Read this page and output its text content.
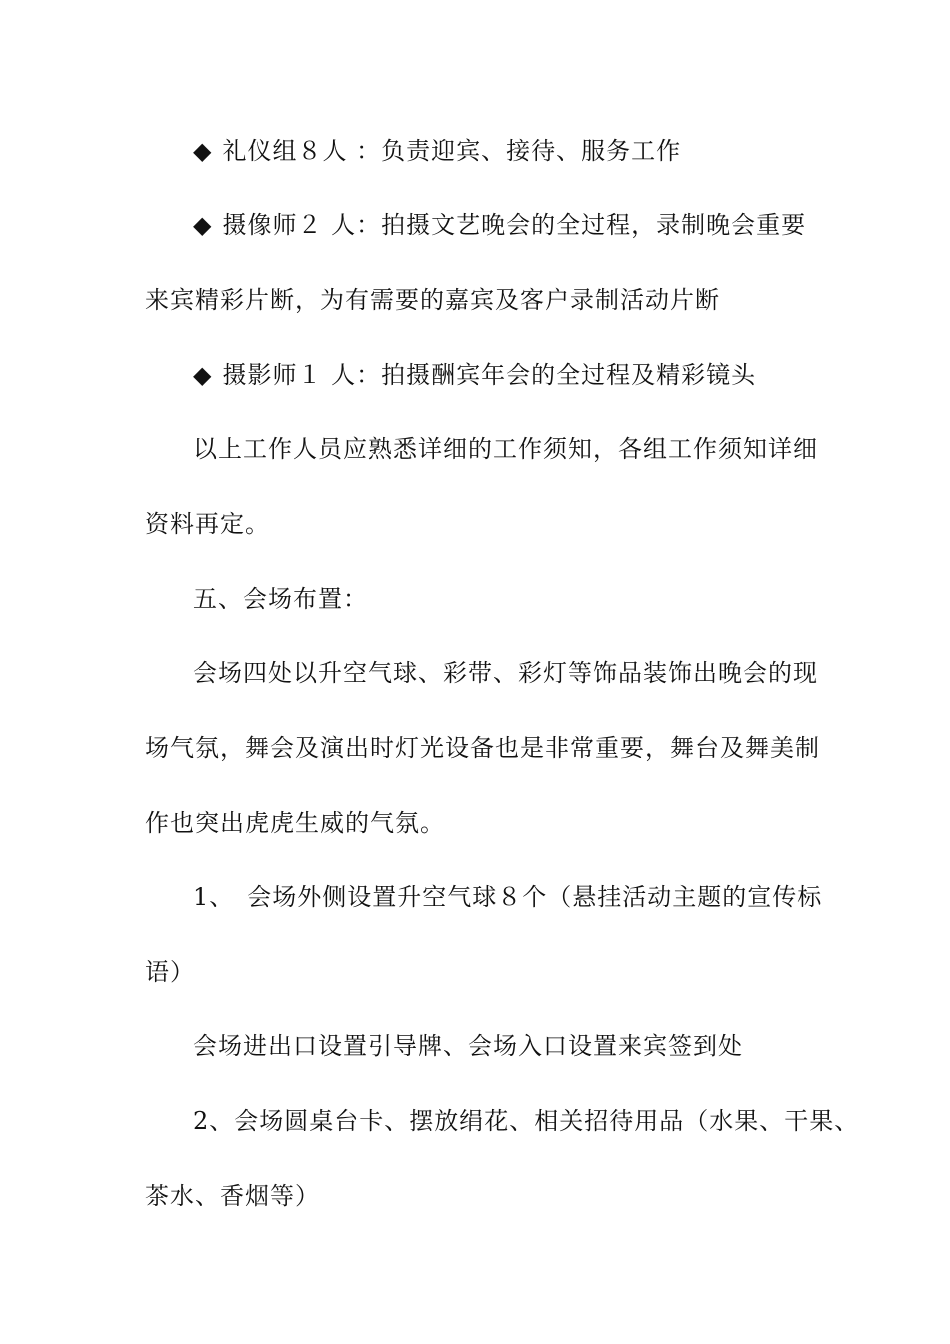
◆ 礼仪组８人 ：负责迎宾、接待、服务工作
◆ 摄像师２ 人：拍摄文艺晚会的全过程，录制晚会重要
来宾精彩片断，为有需要的嘉宾及客户录制活动片断
◆ 摄影师１ 人：拍摄酬宾年会的全过程及精彩镜头
以上工作人员应熟悉详细的工作须知，各组工作须知详细
资料再定。
五、会场布置：
会场四处以升空气球、彩带、彩灯等饰品装饰出晚会的现
场气氛，舞会及演出时灯光设备也是非常重要，舞台及舞美制
作也突出虎虎生威的气氛。
1、　会场外侧设置升空气球８个（悬挂活动主题的宣传标
语）
会场进出口设置引导牌、会场入口设置来宾签到处
2、会场圆桌台卡、摆放绢花、相关招待用品（水果、干果、
茶水、香烟等）
